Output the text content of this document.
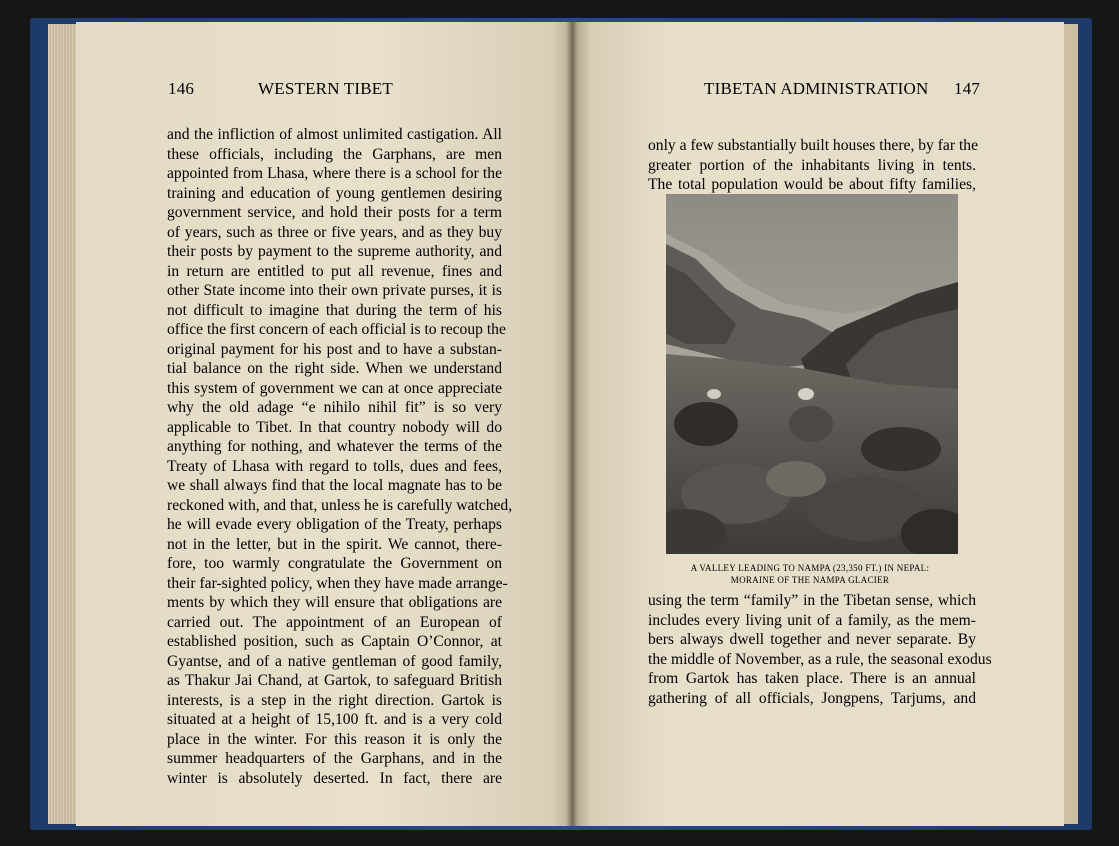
146	WESTERN TIBET
and the infliction of almost unlimited castigation. All
these officials, including the Garphans, are men
appointed from Lhasa, where there is a school for the
training and education of young gentlemen desiring
government service, and hold their posts for a term
of years, such as three or five years, and as they buy
their posts by payment to the supreme authority, and
in return are entitled to put all revenue, fines and
other State income into their own private purses, it is
not difficult to imagine that during the term of his
office the first concern of each official is to recoup the
original payment for his post and to have a substan-
tial balance on the right side. When we understand
this system of government we can at once appreciate
why the old adage “e nihilo nihil fit” is so very
applicable to Tibet. In that country nobody will do
anything for nothing, and whatever the terms of the
Treaty of Lhasa with regard to tolls, dues and fees,
we shall always find that the local magnate has to be
reckoned with, and that, unless he is carefully watched,
he will evade every obligation of the Treaty, perhaps
not in the letter, but in the spirit. We cannot, there-
fore, too warmly congratulate the Government on
their far-sighted policy, when they have made arrange-
ments by which they will ensure that obligations are
carried out. The appointment of an European of
established position, such as Captain O’Connor, at
Gyantse, and of a native gentleman of good family,
as Thakur Jai Chand, at Gartok, to safeguard British
interests, is a step in the right direction. Gartok is
situated at a height of 15,100 ft. and is a very cold
place in the winter. For this reason it is only the
summer headquarters of the Garphans, and in the
winter is absolutely deserted. In fact, there are
TIBETAN ADMINISTRATION 147
only a few substantially built houses there, by far the
greater portion of the inhabitants living in tents.
The total population would be about fifty families,
A VALLEY LEADING TO NAMPA (23,350 FT.) IN NEPAL:
MORAINE OF THE NAMPA GLACIER
using the term “family” in the Tibetan sense, which
includes every living unit of a family, as the mem-
bers always dwell together and never separate. By
the middle of November, as a rule, the seasonal exodus
from Gartok has taken place. There is an annual
gathering of all officials, Jongpens, Tarjums, and
